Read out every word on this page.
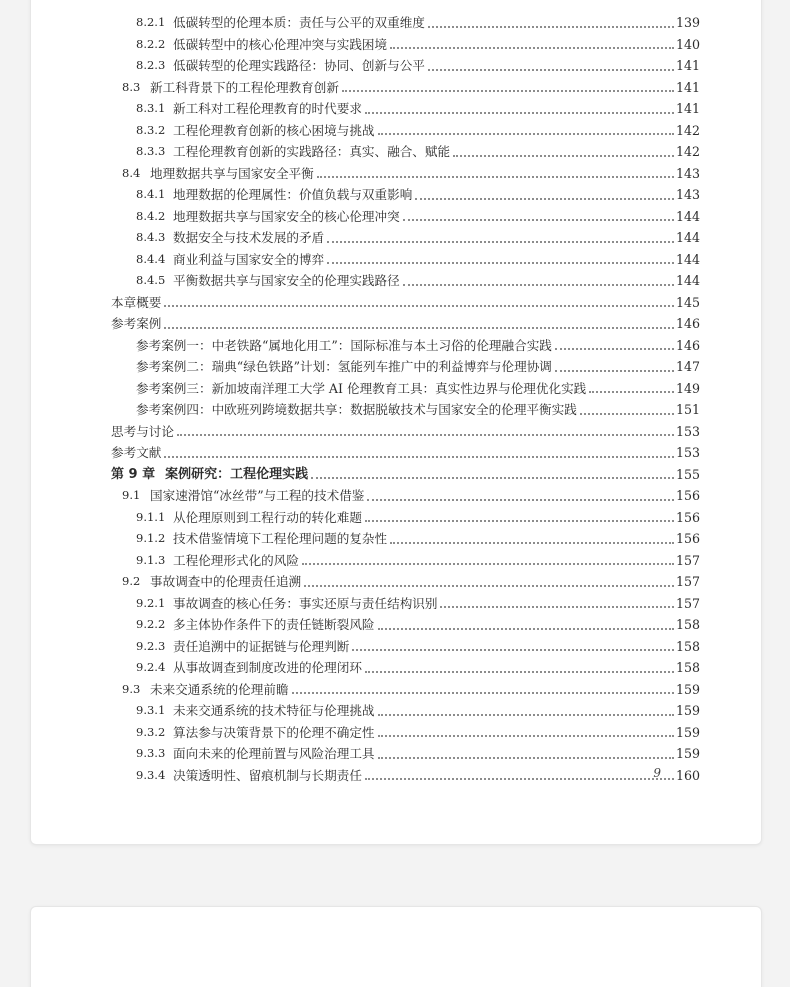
8.2.1 低碳转型的伦理本质：责任与公平的双重维度	139
8.2.2 低碳转型中的核心伦理冲突与实践困境	140
8.2.3 低碳转型的伦理实践路径：协同、创新与公平	141
8.3 新工科背景下的工程伦理教育创新	141
8.3.1 新工科对工程伦理教育的时代要求	141
8.3.2 工程伦理教育创新的核心困境与挑战	142
8.3.3 工程伦理教育创新的实践路径：真实、融合、赋能	142
8.4 地理数据共享与国家安全平衡	143
8.4.1 地理数据的伦理属性：价值负载与双重影响	143
8.4.2 地理数据共享与国家安全的核心伦理冲突	144
8.4.3 数据安全与技术发展的矛盾	144
8.4.4 商业利益与国家安全的博弈	144
8.4.5 平衡数据共享与国家安全的伦理实践路径	144
本章概要	145
参考案例	146
参考案例一：中老铁路“属地化用工”：国际标准与本土习俗的伦理融合实践	146
参考案例二：瑞典“绿色铁路”计划：氢能列车推广中的利益博弈与伦理协调	147
参考案例三：新加坡南洋理工大学 AI 伦理教育工具：真实性边界与伦理优化实践	149
参考案例四：中欧班列跨境数据共享：数据脱敏技术与国家安全的伦理平衡实践	151
思考与讨论	153
参考文献	153
第 9 章 案例研究：工程伦理实践	155
9.1 国家速滑馆“冰丝带”与工程的技术借鉴	156
9.1.1 从伦理原则到工程行动的转化难题	156
9.1.2 技术借鉴情境下工程伦理问题的复杂性	156
9.1.3 工程伦理形式化的风险	157
9.2 事故调查中的伦理责任追溯	157
9.2.1 事故调查的核心任务：事实还原与责任结构识别	157
9.2.2 多主体协作条件下的责任链断裂风险	158
9.2.3 责任追溯中的证据链与伦理判断	158
9.2.4 从事故调查到制度改进的伦理闭环	158
9.3 未来交通系统的伦理前瞻	159
9.3.1 未来交通系统的技术特征与伦理挑战	159
9.3.2 算法参与决策背景下的伦理不确定性	159
9.3.3 面向未来的伦理前置与风险治理工具	159
9.3.4 决策透明性、留痕机制与长期责任	160
9
